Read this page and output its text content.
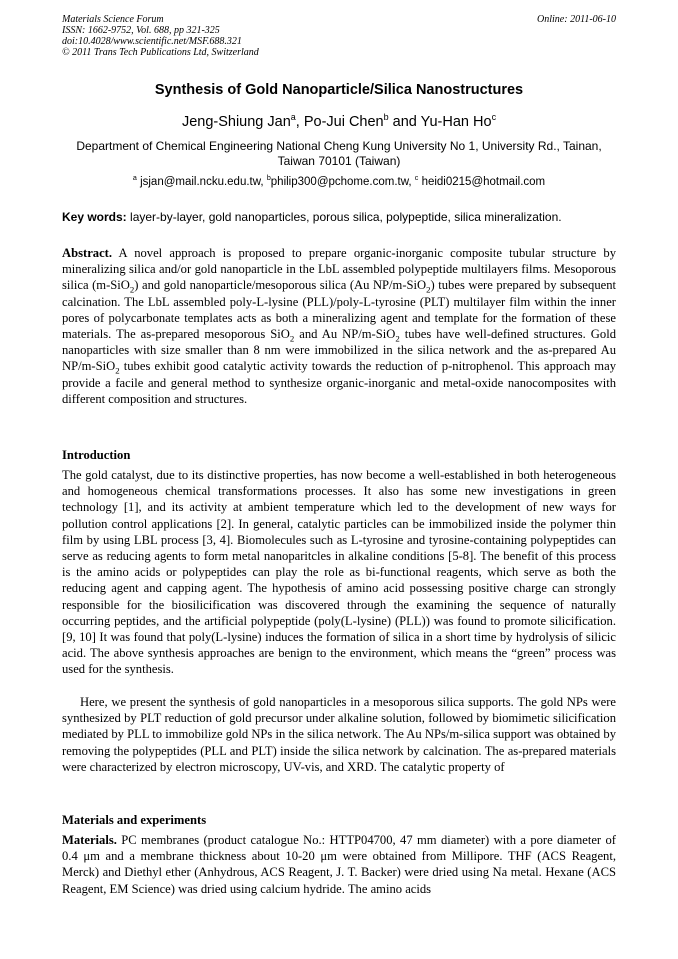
Materials Science Forum
ISSN: 1662-9752, Vol. 688, pp 321-325
doi:10.4028/www.scientific.net/MSF.688.321
© 2011 Trans Tech Publications Ltd, Switzerland
Online: 2011-06-10
Synthesis of Gold Nanoparticle/Silica Nanostructures
Jeng-Shiung Jan$^a$, Po-Jui Chen$^b$ and Yu-Han Ho$^c$
Department of Chemical Engineering National Cheng Kung University No 1, University Rd., Tainan,
Taiwan 70101 (Taiwan)
$^a$ jsjan@mail.ncku.edu.tw, $^b$philip300@pchome.com.tw, $^c$ heidi0215@hotmail.com
Key words: layer-by-layer, gold nanoparticles, porous silica, polypeptide, silica mineralization.
Abstract. A novel approach is proposed to prepare organic-inorganic composite tubular structure by mineralizing silica and/or gold nanoparticle in the LbL assembled polypeptide multilayers films. Mesoporous silica (m-SiO$_2$) and gold nanoparticle/mesoporous silica (Au NP/m-SiO$_2$) tubes were prepared by subsequent calcination. The LbL assembled poly-L-lysine (PLL)/poly-L-tyrosine (PLT) multilayer film within the inner pores of polycarbonate templates acts as both a mineralizing agent and template for the formation of these materials. The as-prepared mesoporous SiO$_2$ and Au NP/m-SiO$_2$ tubes have well-defined structures. Gold nanoparticles with size smaller than 8 nm were immobilized in the silica network and the as-prepared Au NP/m-SiO$_2$ tubes exhibit good catalytic activity towards the reduction of p-nitrophenol. This approach may provide a facile and general method to synthesize organic-inorganic and metal-oxide nanocomposites with different composition and structures.
Introduction
The gold catalyst, due to its distinctive properties, has now become a well-established in both heterogeneous and homogeneous chemical transformations processes. It also has some new investigations in green technology [1], and its activity at ambient temperature which led to the development of new ways for pollution control applications [2]. In general, catalytic particles can be immobilized inside the polymer thin film by using LBL process [3, 4]. Biomolecules such as L-tyrosine and tyrosine-containing polypeptides can serve as reducing agents to form metal nanoparitcles in alkaline conditions [5-8]. The benefit of this process is the amino acids or polypeptides can play the role as bi-functional reagents, which serve as both the reducing agent and capping agent. The hypothesis of amino acid possessing positive charge can strongly responsible for the biosilicification was discovered through the examining the sequence of naturally occurring peptides, and the artificial polypeptide (poly(L-lysine) (PLL)) was found to promote silicification.[9, 10] It was found that poly(L-lysine) induces the formation of silica in a short time by hydrolysis of silicic acid. The above synthesis approaches are benign to the environment, which means the “green” process was used for the synthesis.
Here, we present the synthesis of gold nanoparticles in a mesoporous silica supports. The gold NPs were synthesized by PLT reduction of gold precursor under alkaline solution, followed by biomimetic silicification mediated by PLL to immobilize gold NPs in the silica network. The Au NPs/m-silica support was obtained by removing the polypeptides (PLL and PLT) inside the silica network by calcination. The as-prepared materials were characterized by electron microscopy, UV-vis, and XRD. The catalytic property of
Materials and experiments
Materials. PC membranes (product catalogue No.: HTTP04700, 47 mm diameter) with a pore diameter of 0.4 μm and a membrane thickness about 10-20 μm were obtained from Millipore. THF (ACS Reagent, Merck) and Diethyl ether (Anhydrous, ACS Reagent, J. T. Backer) were dried using Na metal. Hexane (ACS Reagent, EM Science) was dried using calcium hydride. The amino acids
